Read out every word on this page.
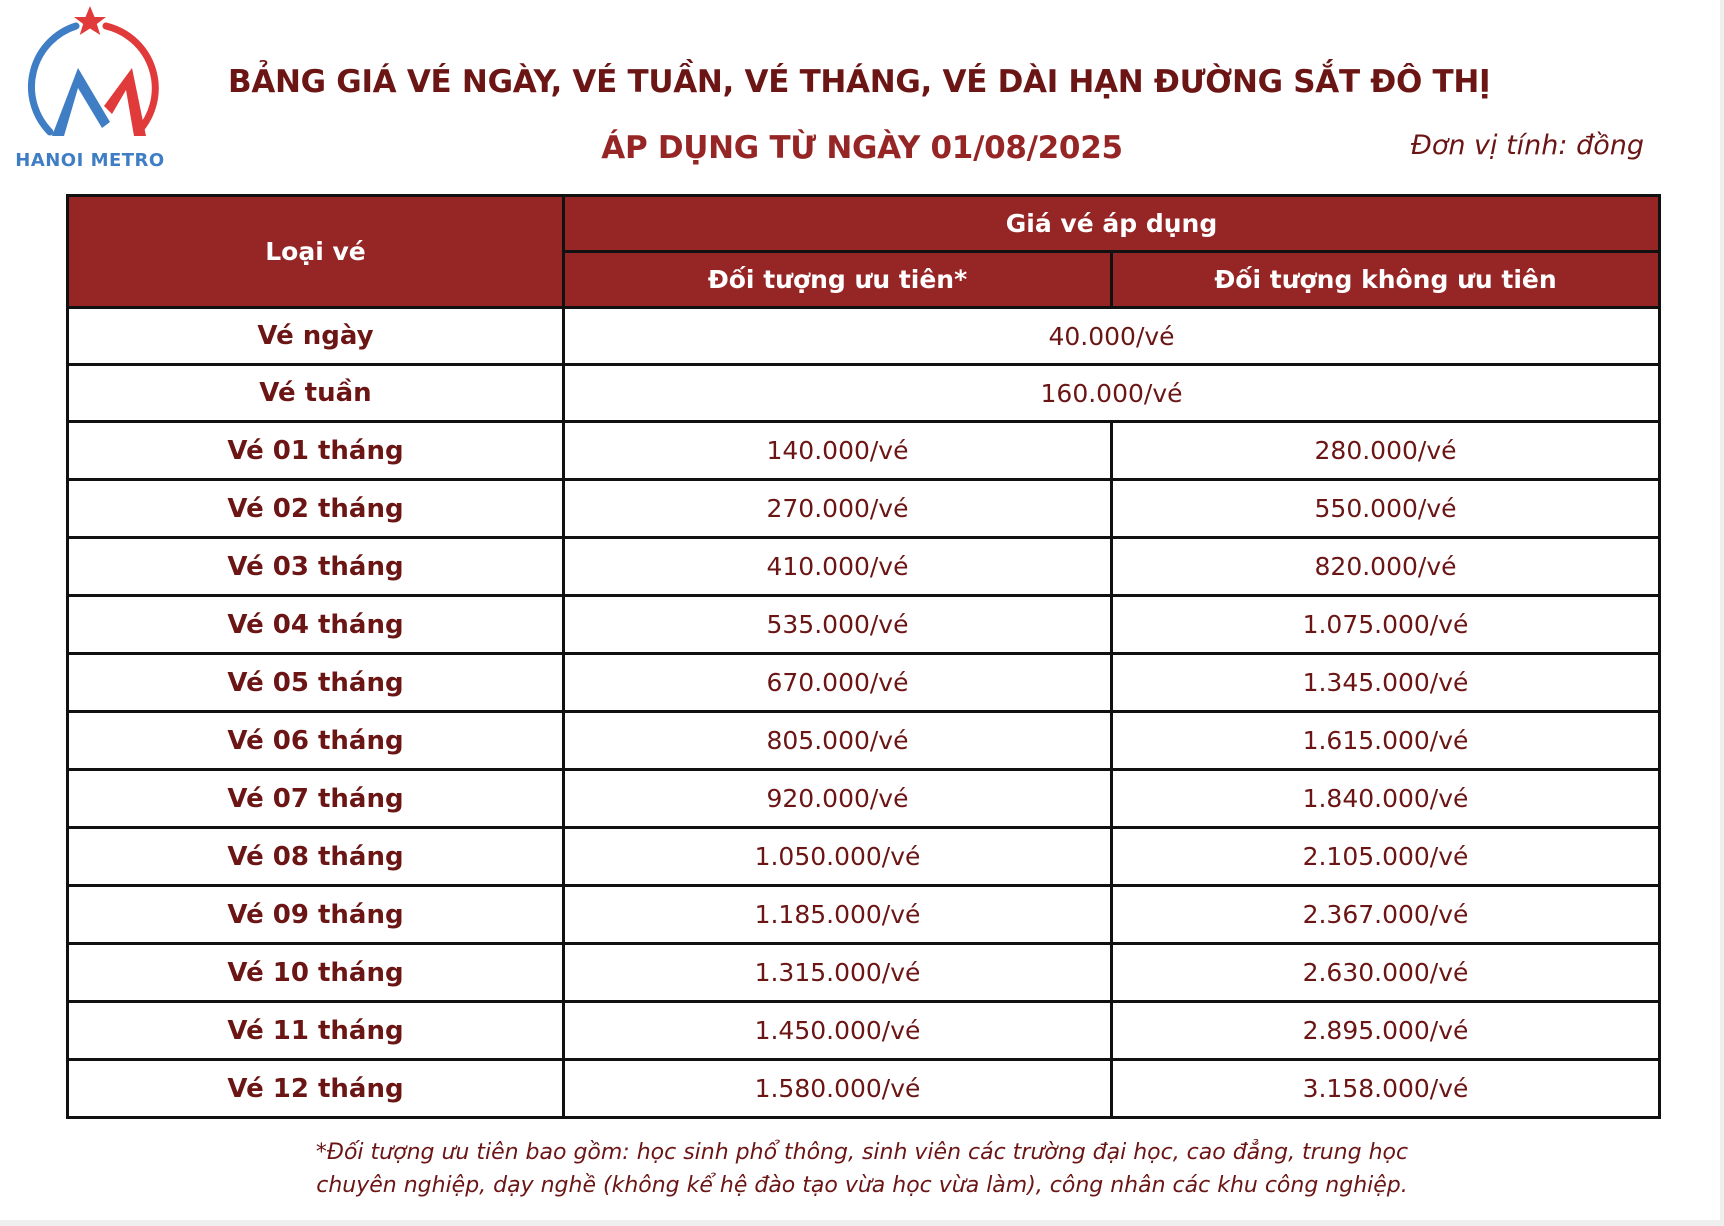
HANOI METRO
BẢNG GIÁ VÉ NGÀY, VÉ TUẦN, VÉ THÁNG, VÉ DÀI HẠN ĐƯỜNG SẮT ĐÔ THỊ
ÁP DỤNG TỪ NGÀY 01/08/2025	Đơn vị tính: đồng
Loại vé	Giá vé áp dụng	
	Đối tượng ưu tiên*	Đối tượng không ưu tiên
Vé ngày	40.000/vé	
Vé tuần	160.000/vé	
Vé 01 tháng	140.000/vé	280.000/vé
Vé 02 tháng	270.000/vé	550.000/vé
Vé 03 tháng	410.000/vé	820.000/vé
Vé 04 tháng	535.000/vé	1.075.000/vé
Vé 05 tháng	670.000/vé	1.345.000/vé
Vé 06 tháng	805.000/vé	1.615.000/vé
Vé 07 tháng	920.000/vé	1.840.000/vé
Vé 08 tháng	1.050.000/vé	2.105.000/vé
Vé 09 tháng	1.185.000/vé	2.367.000/vé
Vé 10 tháng	1.315.000/vé	2.630.000/vé
Vé 11 tháng	1.450.000/vé	2.895.000/vé
Vé 12 tháng	1.580.000/vé	3.158.000/vé
*Đối tượng ưu tiên bao gồm: học sinh phổ thông, sinh viên các trường đại học, cao đẳng, trung học
chuyên nghiệp, dạy nghề (không kể hệ đào tạo vừa học vừa làm), công nhân các khu công nghiệp.
